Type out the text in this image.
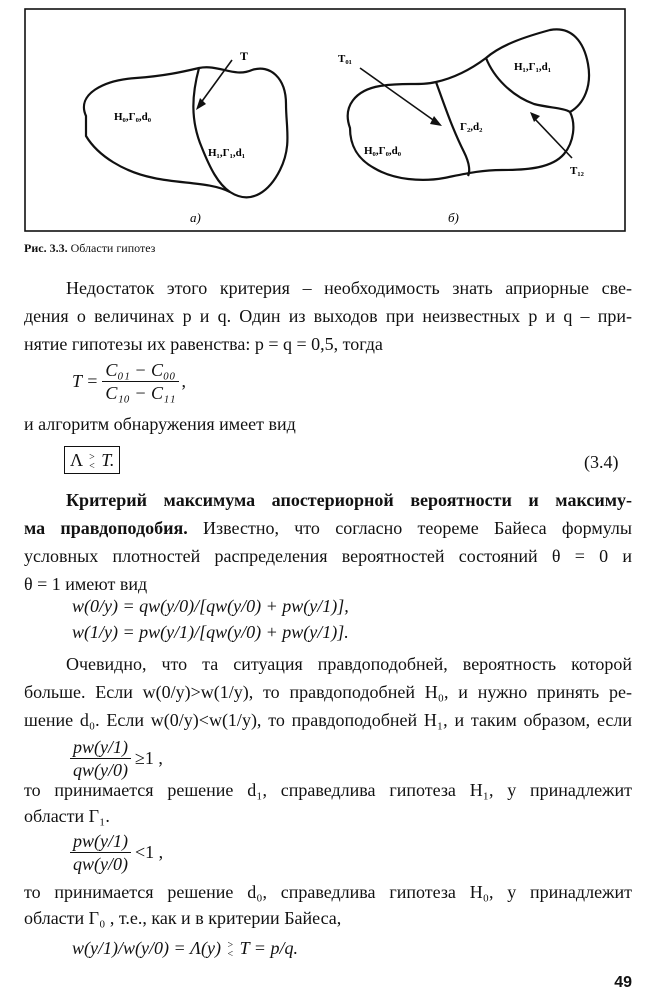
T
H₀,Г₀,d₀
H₁,Г₁,d₁
а)
T₀₁
T₁₂
H₀,Г₀,d₀
Г₂,d₂
H₁,Г₁,d₁
б)
Рис. 3.3. Области гипотез
Недостаток этого критерия – необходимость знать априорные све-
дения о величинах p и q. Один из выходов при неизвестных p и q – при-
нятие гипотезы их равенства: p = q = 0,5, тогда
$T = \frac{\text{C₀₁ − C₀₀}}{\text{C₁₀ − C₁₁}}$ ,
и алгоритм обнаружения имеет вид
Λ >
< T.	(3.4)
Критерий максимума апостериорной вероятности и максиму-
ма правдоподобия. Известно, что согласно теореме Байеса формулы
условных плотностей распределения вероятностей состояний θ = 0 и
θ = 1 имеют вид
w(0/y) = qw(y/0)/[qw(y/0) + pw(y/1)],
w(1/y) = pw(y/1)/[qw(y/0) + pw(y/1)].
Очевидно, что та ситуация правдоподобней, вероятность которой
больше. Если w(0/y)>w(1/y), то правдоподобней H₀, и нужно принять ре-
шение d₀. Если w(0/y)<w(1/y), то правдоподобней H₁, и таким образом, если
$\frac{pw(y/1)}{qw(y/0)} \ge 1$ ,
то принимается решение d₁, справедлива гипотеза H₁, y принадлежит
области Г₁.
$\frac{pw(y/1)}{qw(y/0)} <1$ ,
то принимается решение d₀, справедлива гипотеза H₀, y принадлежит
области Г₀ , т.е., как и в критерии Байеса,
w(y/1)/w(y/0) = Λ(y) >
< T = p/q.
49
